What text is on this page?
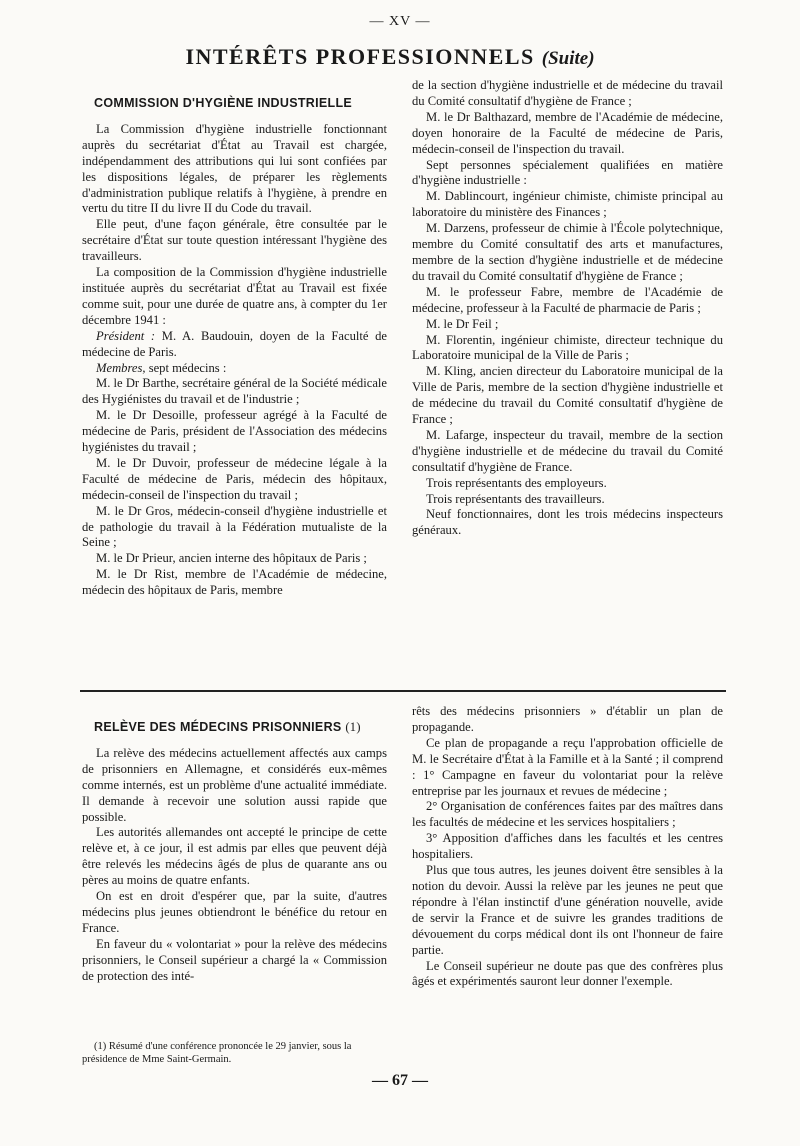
— XV —
INTÉRÊTS PROFESSIONNELS (Suite)

COMMISSION D'HYGIÈNE INDUSTRIELLE

La Commission d'hygiène industrielle fonctionnant auprès du secrétariat d'État au Travail est chargée, indépendamment des attributions qui lui sont confiées par les dispositions légales, de préparer les règlements d'administration publique relatifs à l'hygiène, à prendre en vertu du titre II du livre II du Code du travail.

Elle peut, d'une façon générale, être consultée par le secrétaire d'État sur toute question intéressant l'hygiène des travailleurs.

La composition de la Commission d'hygiène industrielle instituée auprès du secrétariat d'État au Travail est fixée comme suit, pour une durée de quatre ans, à compter du 1er décembre 1941 :

Président : M. A. Baudouin, doyen de la Faculté de médecine de Paris.

Membres, sept médecins :

M. le Dr Barthe, secrétaire général de la Société médicale des Hygiénistes du travail et de l'industrie ;

M. le Dr Desoille, professeur agrégé à la Faculté de médecine de Paris, président de l'Association des médecins hygiénistes du travail ;

M. le Dr Duvoir, professeur de médecine légale à la Faculté de médecine de Paris, médecin des hôpitaux, médecin-conseil de l'inspection du travail ;

M. le Dr Gros, médecin-conseil d'hygiène industrielle et de pathologie du travail à la Fédération mutualiste de la Seine ;

M. le Dr Prieur, ancien interne des hôpitaux de Paris ;

M. le Dr Rist, membre de l'Académie de médecine, médecin des hôpitaux de Paris, membre

de la section d'hygiène industrielle et de médecine du travail du Comité consultatif d'hygiène de France ;

M. le Dr Balthazard, membre de l'Académie de médecine, doyen honoraire de la Faculté de médecine de Paris, médecin-conseil de l'inspection du travail.

Sept personnes spécialement qualifiées en matière d'hygiène industrielle :

M. Dablincourt, ingénieur chimiste, chimiste principal au laboratoire du ministère des Finances ;

M. Darzens, professeur de chimie à l'École polytechnique, membre du Comité consultatif des arts et manufactures, membre de la section d'hygiène industrielle et de médecine du travail du Comité consultatif d'hygiène de France ;

M. le professeur Fabre, membre de l'Académie de médecine, professeur à la Faculté de pharmacie de Paris ;

M. le Dr Feil ;

M. Florentin, ingénieur chimiste, directeur technique du Laboratoire municipal de la Ville de Paris ;

M. Kling, ancien directeur du Laboratoire municipal de la Ville de Paris, membre de la section d'hygiène industrielle et de médecine du travail du Comité consultatif d'hygiène de France ;

M. Lafarge, inspecteur du travail, membre de la section d'hygiène industrielle et de médecine du travail du Comité consultatif d'hygiène de France.

Trois représentants des employeurs.

Trois représentants des travailleurs.

Neuf fonctionnaires, dont les trois médecins inspecteurs généraux.

RELÈVE DES MÉDECINS PRISONNIERS (1)

La relève des médecins actuellement affectés aux camps de prisonniers en Allemagne, et considérés eux-mêmes comme internés, est un problème d'une actualité immédiate. Il demande à recevoir une solution aussi rapide que possible.

Les autorités allemandes ont accepté le principe de cette relève et, à ce jour, il est admis par elles que peuvent déjà être relevés les médecins âgés de plus de quarante ans ou pères au moins de quatre enfants.

On est en droit d'espérer que, par la suite, d'autres médecins plus jeunes obtiendront le bénéfice du retour en France.

En faveur du « volontariat » pour la relève des médecins prisonniers, le Conseil supérieur a chargé la « Commission de protection des inté-

(1) Résumé d'une conférence prononcée le 29 janvier, sous la présidence de Mme Saint-Germain.

rêts des médecins prisonniers » d'établir un plan de propagande.

Ce plan de propagande a reçu l'approbation officielle de M. le Secrétaire d'État à la Famille et à la Santé ; il comprend : 1° Campagne en faveur du volontariat pour la relève entreprise par les journaux et revues de médecine ;

2° Organisation de conférences faites par des maîtres dans les facultés de médecine et les services hospitaliers ;

3° Apposition d'affiches dans les facultés et les centres hospitaliers.

Plus que tous autres, les jeunes doivent être sensibles à la notion du devoir. Aussi la relève par les jeunes ne peut que répondre à l'élan instinctif d'une génération nouvelle, avide de servir la France et de suivre les grandes traditions de dévouement du corps médical dont ils ont l'honneur de faire partie.

Le Conseil supérieur ne doute pas que des confrères plus âgés et expérimentés sauront leur donner l'exemple.

— 67 —
